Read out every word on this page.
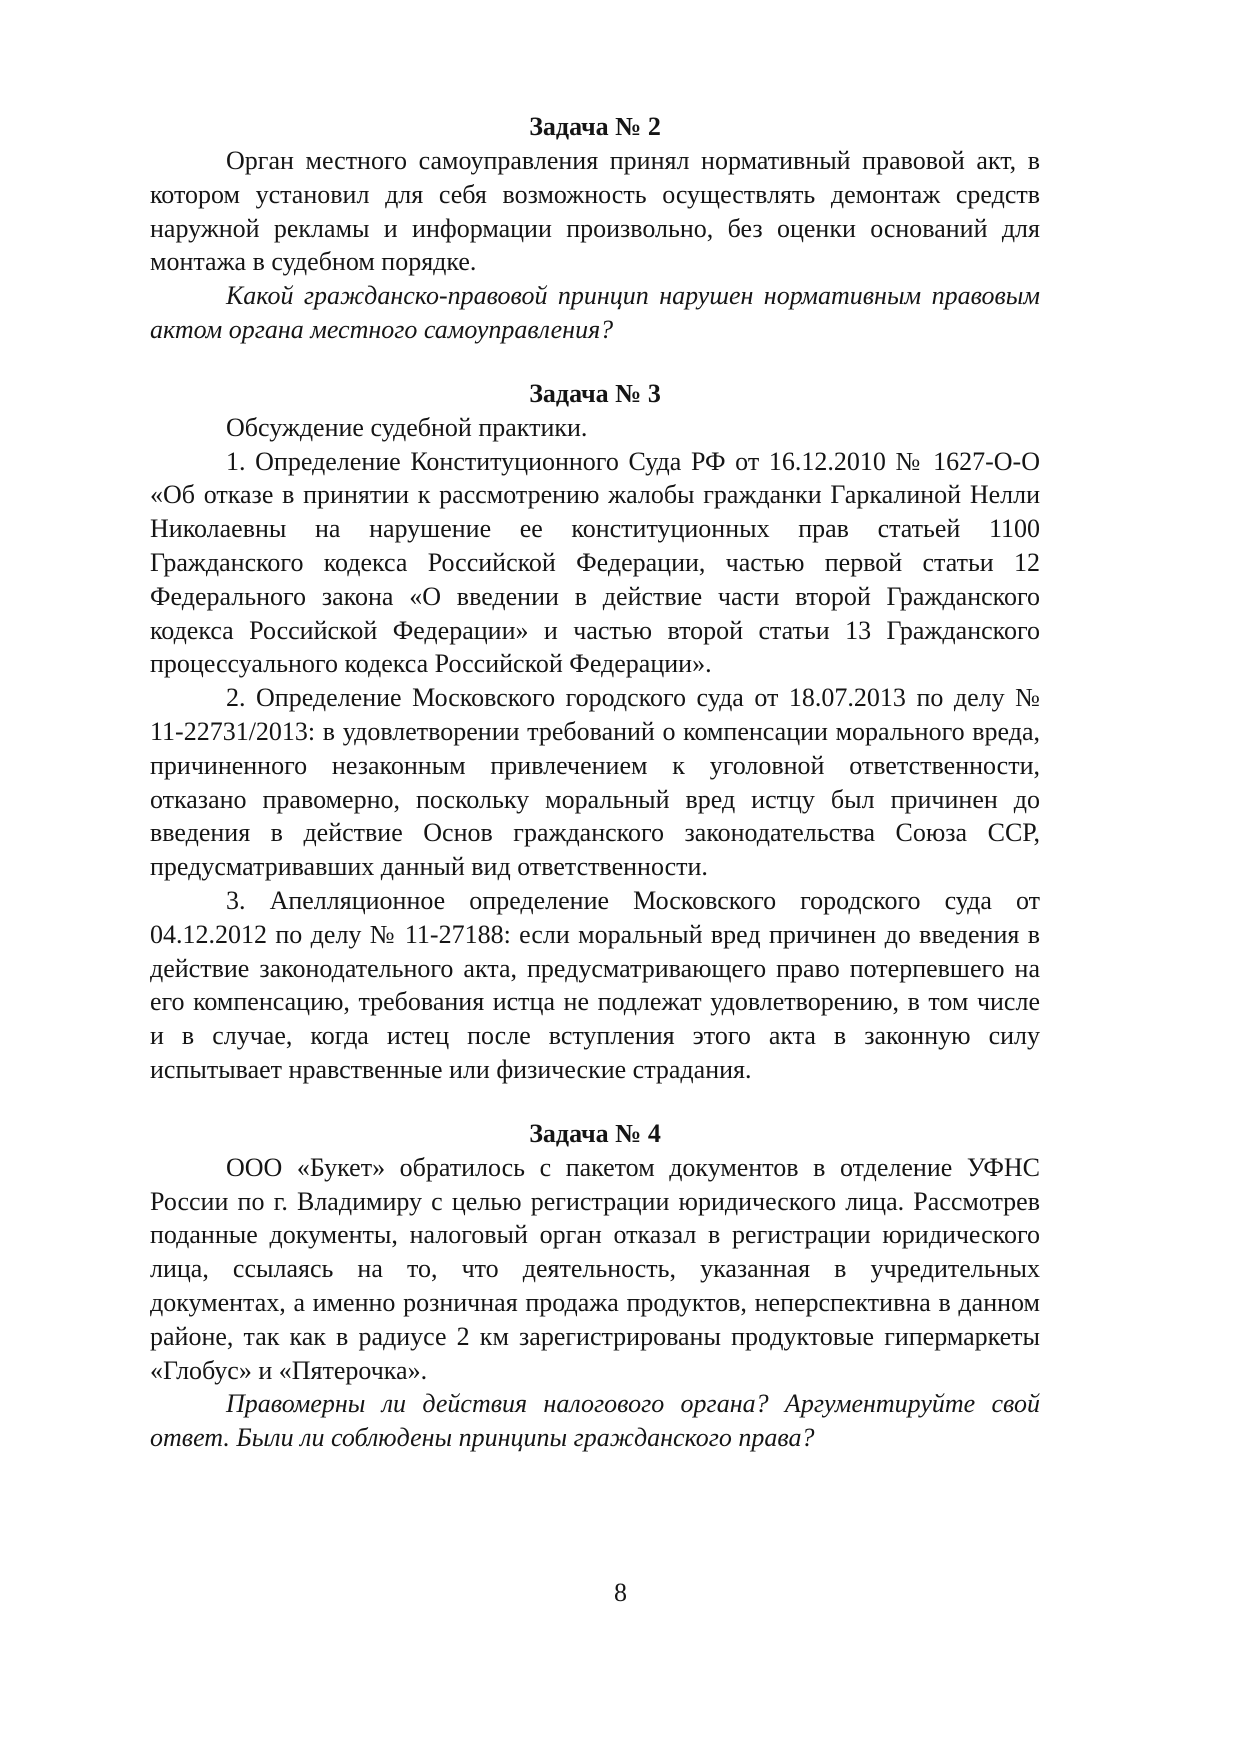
Задача № 2

Орган местного самоуправления принял нормативный правовой акт, в котором установил для себя возможность осуществлять демонтаж средств наружной рекламы и информации произвольно, без оценки оснований для монтажа в судебном порядке.

Какой гражданско-правовой принцип нарушен нормативным правовым актом органа местного самоуправления?

Задача № 3

Обсуждение судебной практики.

1. Определение Конституционного Суда РФ от 16.12.2010 № 1627-О-О «Об отказе в принятии к рассмотрению жалобы гражданки Гаркалиной Нелли Николаевны на нарушение ее конституционных прав статьей 1100 Гражданского кодекса Российской Федерации, частью первой статьи 12 Федерального закона «О введении в действие части второй Гражданского кодекса Российской Федерации» и частью второй статьи 13 Гражданского процессуального кодекса Российской Федерации».

2. Определение Московского городского суда от 18.07.2013 по делу № 11-22731/2013: в удовлетворении требований о компенсации морального вреда, причиненного незаконным привлечением к уголовной ответственности, отказано правомерно, поскольку моральный вред истцу был причинен до введения в действие Основ гражданского законодательства Союза ССР, предусматривавших данный вид ответственности.

3. Апелляционное определение Московского городского суда от 04.12.2012 по делу № 11-27188: если моральный вред причинен до введения в действие законодательного акта, предусматривающего право потерпевшего на его компенсацию, требования истца не подлежат удовлетворению, в том числе и в случае, когда истец после вступления этого акта в законную силу испытывает нравственные или физические страдания.

Задача № 4

ООО «Букет» обратилось с пакетом документов в отделение УФНС России по г. Владимиру с целью регистрации юридического лица. Рассмотрев поданные документы, налоговый орган отказал в регистрации юридического лица, ссылаясь на то, что деятельность, указанная в учредительных документах, а именно розничная продажа продуктов, неперспективна в данном районе, так как в радиусе 2 км зарегистрированы продуктовые гипермаркеты «Глобус» и «Пятерочка».

Правомерны ли действия налогового органа? Аргументируйте свой ответ. Были ли соблюдены принципы гражданского права?

8
